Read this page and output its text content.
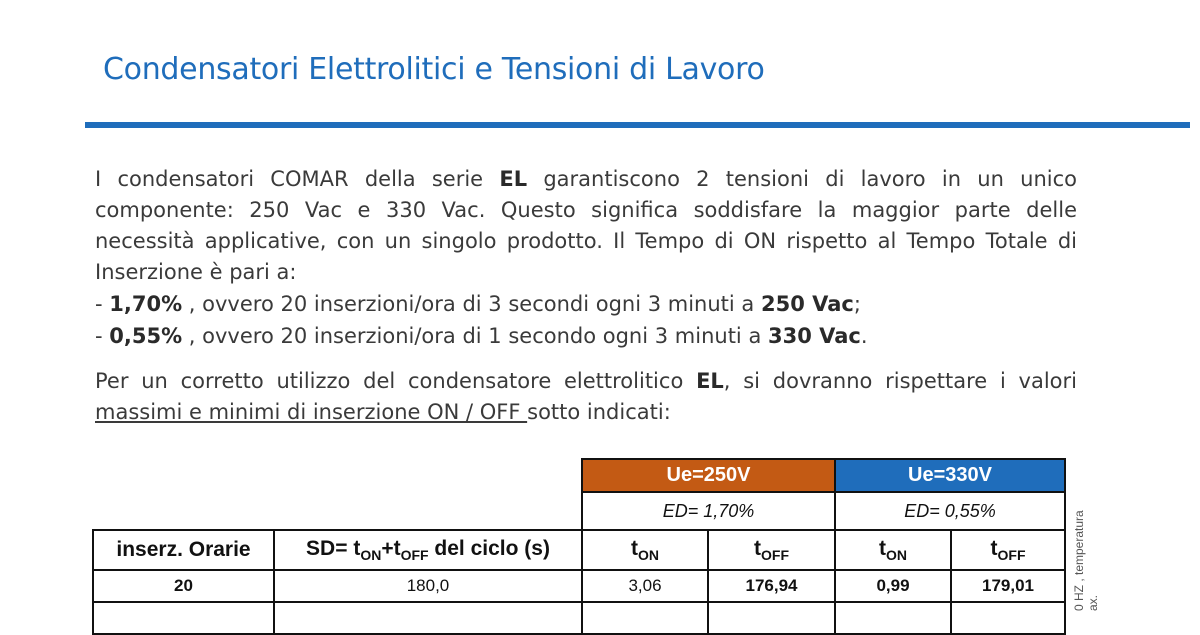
Condensatori Elettrolitici e Tensioni di Lavoro
I condensatori COMAR della serie EL garantiscono 2 tensioni di lavoro in un unico componente: 250 Vac e 330 Vac. Questo significa soddisfare la maggior parte delle necessità applicative, con un singolo prodotto. Il Tempo di ON rispetto al Tempo Totale di Inserzione è pari a:
- 1,70% , ovvero 20 inserzioni/ora di 3 secondi ogni 3 minuti a 250 Vac;
- 0,55% , ovvero 20 inserzioni/ora di 1 secondo ogni 3 minuti a 330 Vac.
Per un corretto utilizzo del condensatore elettrolitico EL, si dovranno rispettare i valori massimi e minimi di inserzione ON / OFF sotto indicati:
		Ue=250V		Ue=330V	
		ED= 1,70%		ED= 0,55%	
inserz. Orarie	$SD= t_{ON}+t_{OFF}$ del ciclo (s)	$t_{ON}$	$t_{OFF}$	$t_{ON}$	$t_{OFF}$
20	180,0	3,06	176,94	0,99	179,01
						0 HZ , temperatura
ax.
